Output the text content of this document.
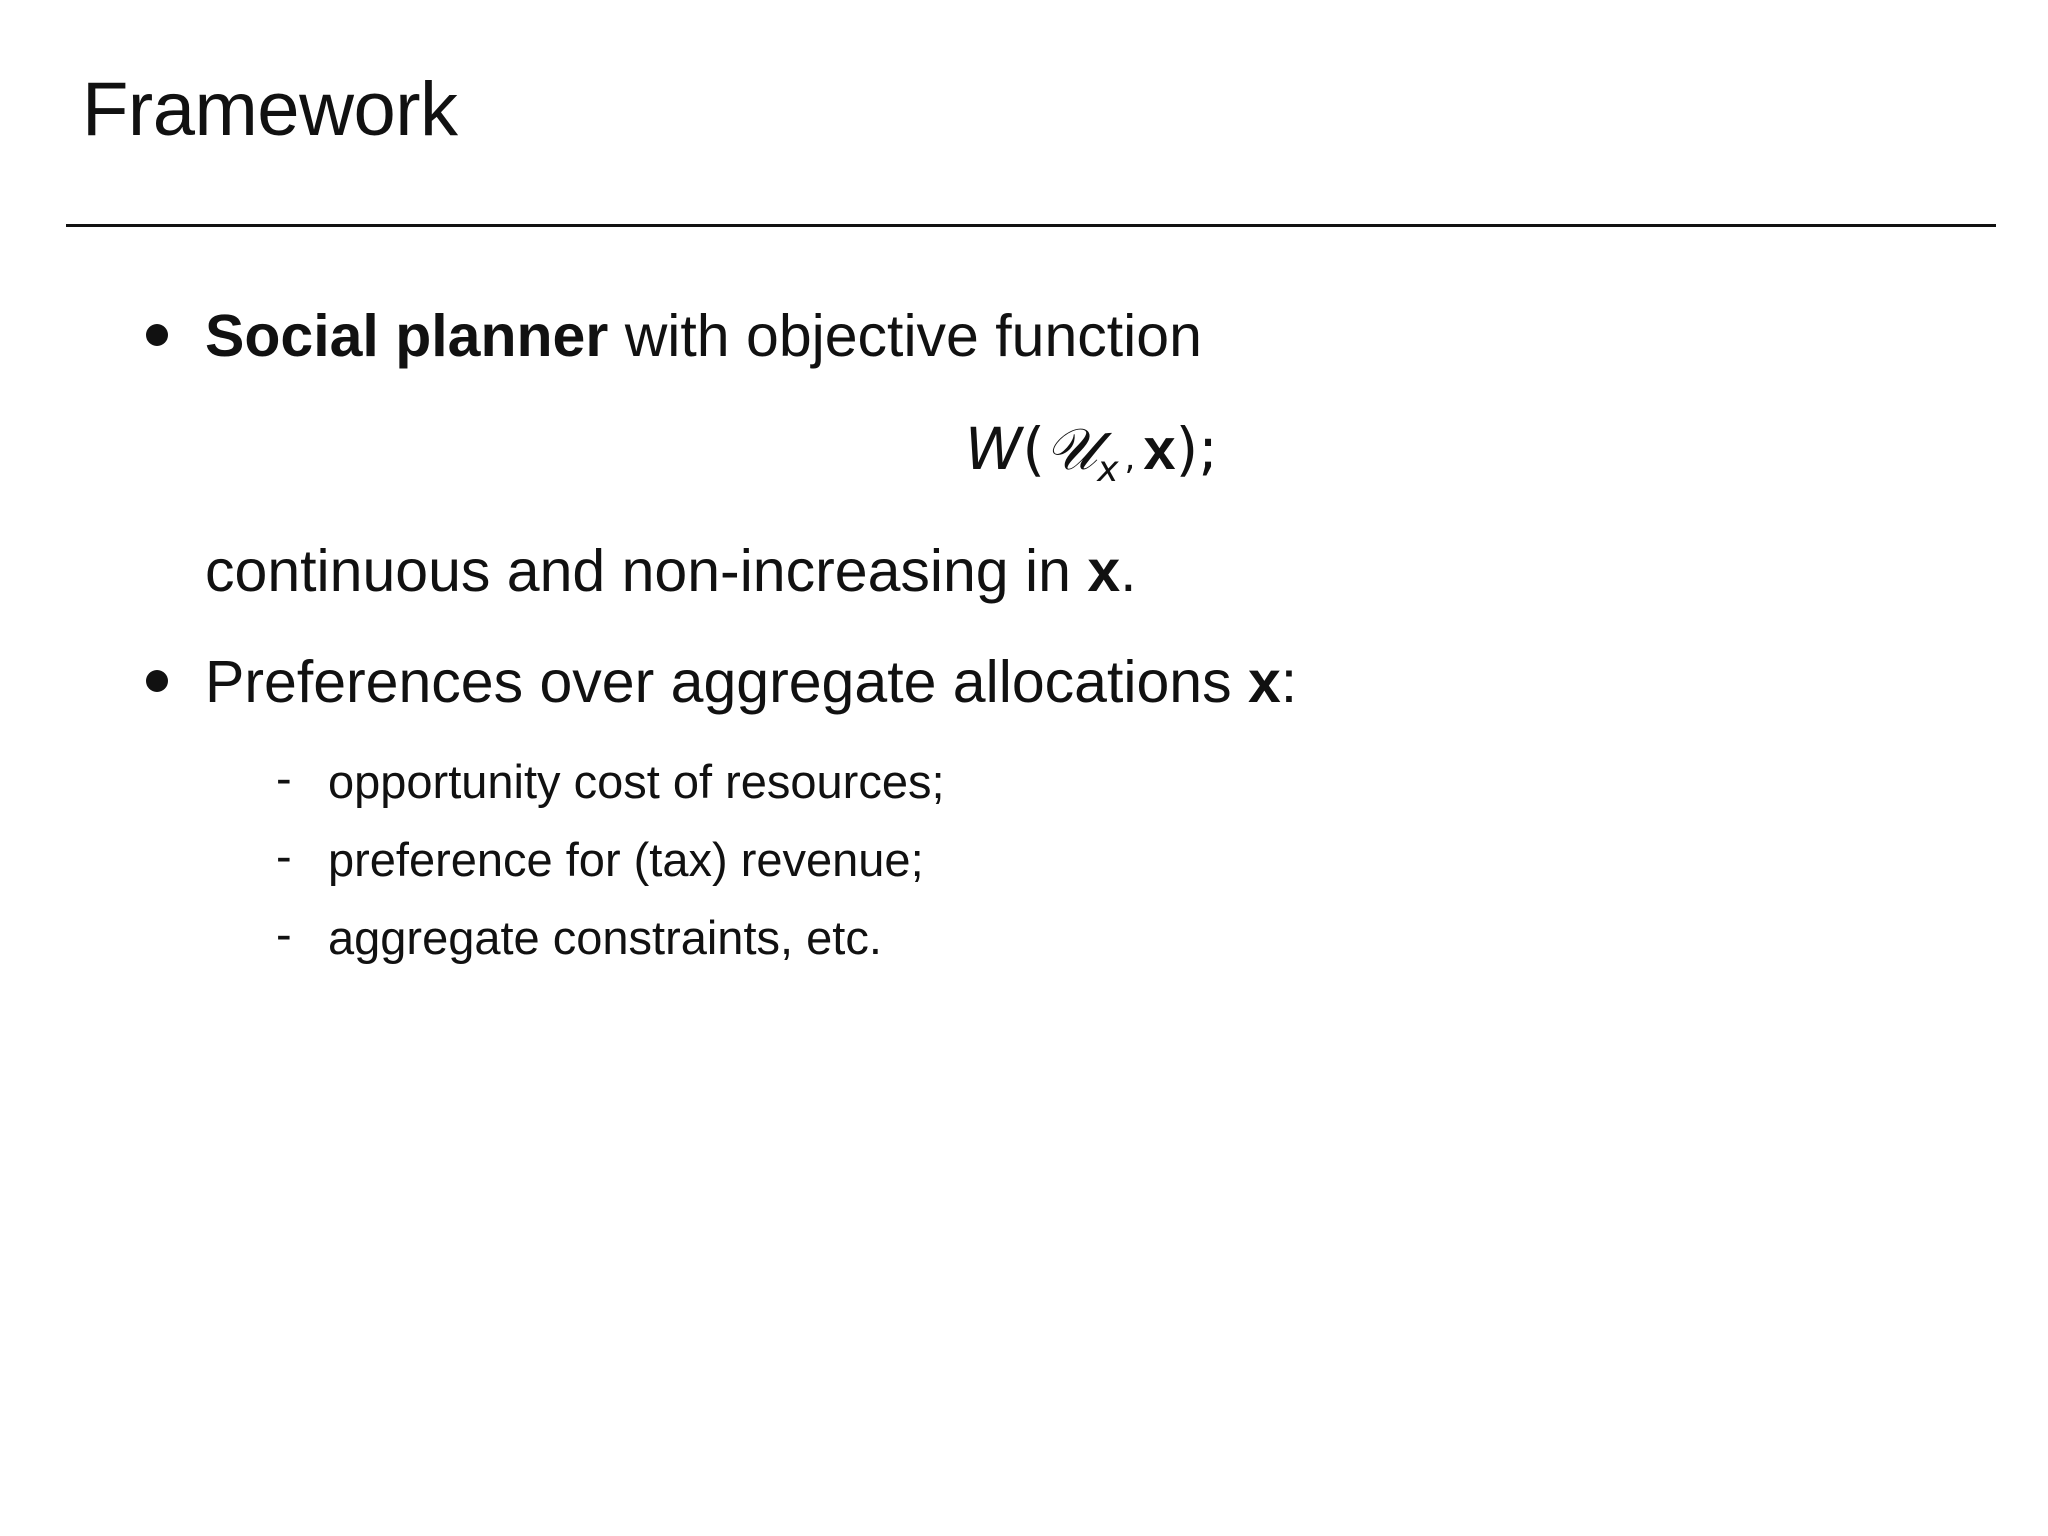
Framework
Social planner with objective function
W(𝒰$_x$ , x);
continuous and non-increasing in x.
Preferences over aggregate allocations x:
- opportunity cost of resources;
- preference for (tax) revenue;
- aggregate constraints, etc.
